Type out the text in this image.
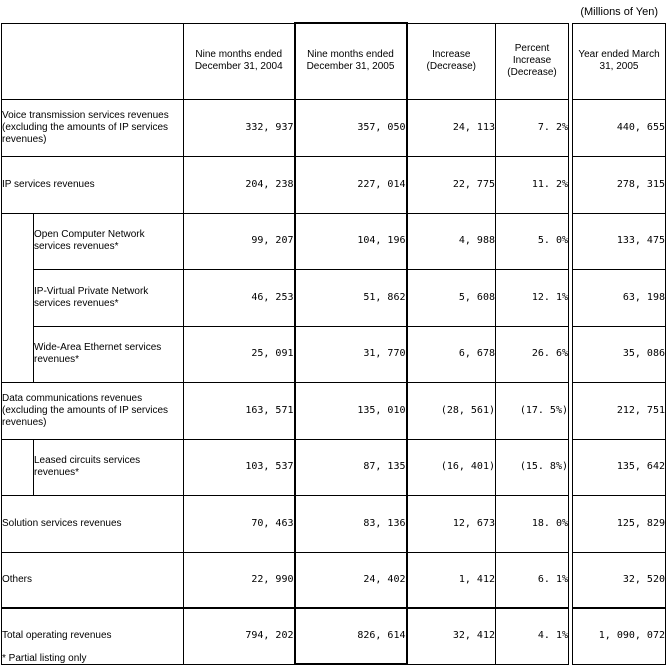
(Millions of Yen)
		Nine months ended December 31, 2004	Nine months ended December 31, 2005	Increase (Decrease)	Percent Increase (Decrease)		Year ended March 31, 2005
Voice transmission services revenues (excluding the amounts of IP services revenues)		332, 937	357, 050	24, 113	7. 2%		440, 655
IP services revenues		204, 238	227, 014	22, 775	11. 2%		278, 315
	Open Computer Network services revenues*	99, 207	104, 196	4, 988	5. 0%		133, 475
	IP-Virtual Private Network services revenues*	46, 253	51, 862	5, 608	12. 1%		63, 198
	Wide-Area Ethernet services revenues*	25, 091	31, 770	6, 678	26. 6%		35, 086
Data communications revenues (excluding the amounts of IP services revenues)		163, 571	135, 010	(28, 561)	(17. 5%)		212, 751
	Leased circuits services revenues*	103, 537	87, 135	(16, 401)	(15. 8%)		135, 642
Solution services revenues		70, 463	83, 136	12, 673	18. 0%		125, 829
Others		22, 990	24, 402	1, 412	6. 1%		32, 520
Total operating revenues		794, 202	826, 614	32, 412	4. 1%		1, 090, 072
* Partial listing only
